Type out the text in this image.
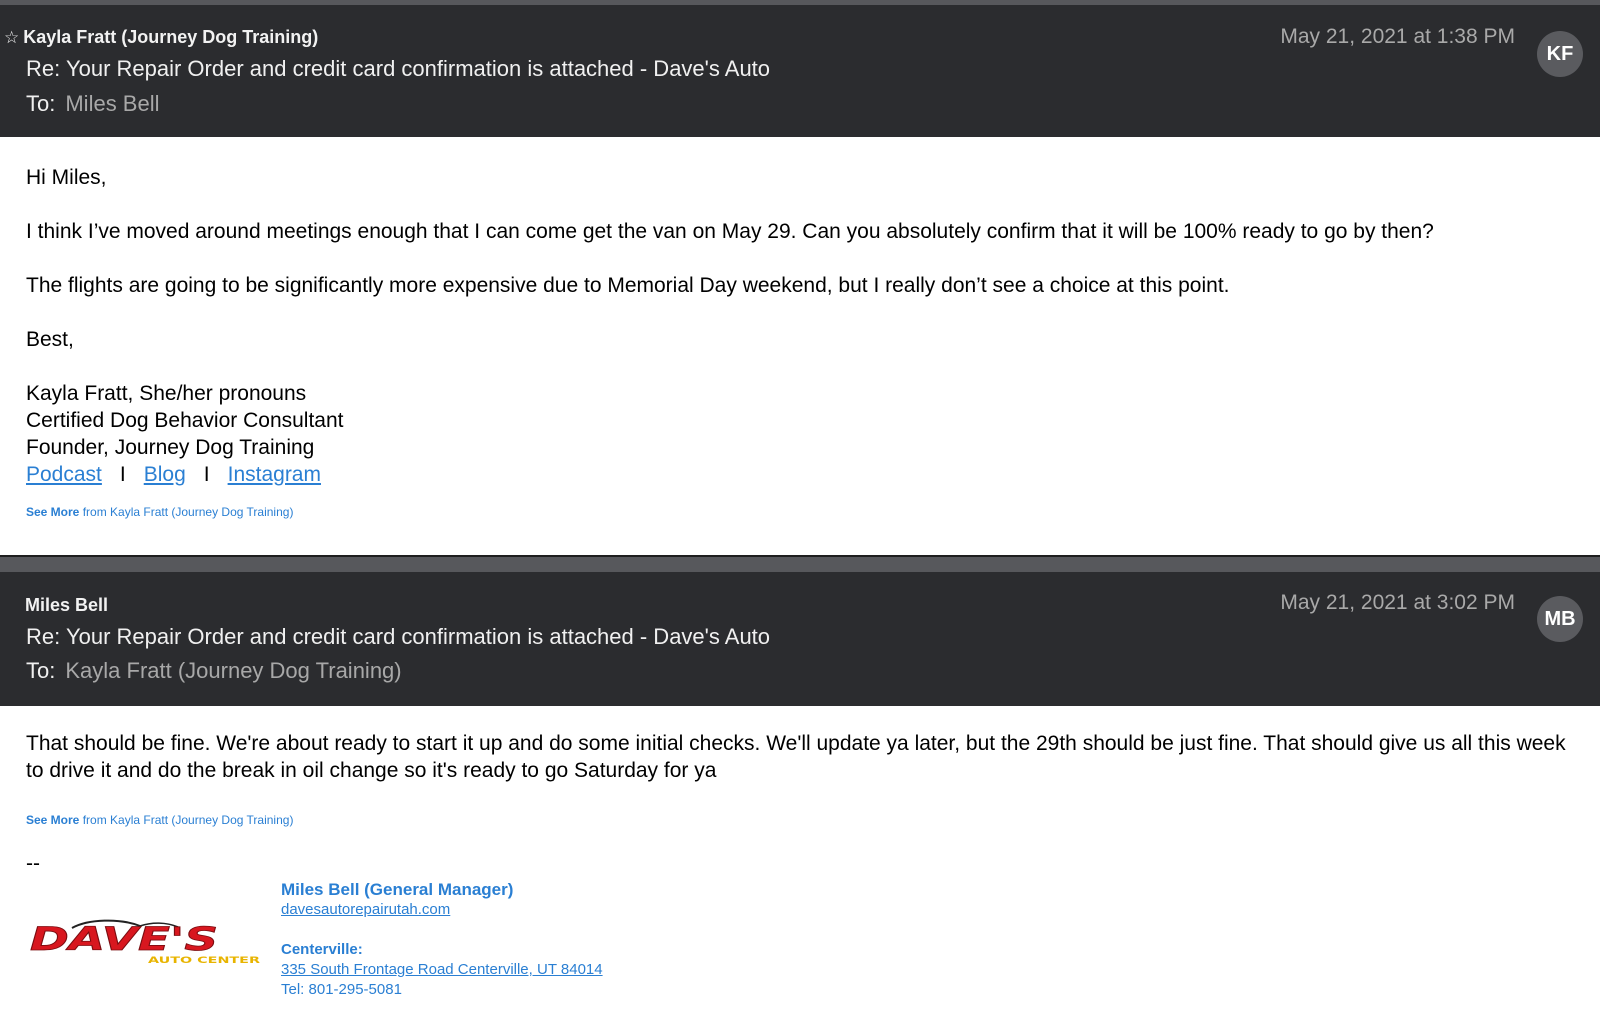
☆ Kayla Fratt (Journey Dog Training)
Re: Your Repair Order and credit card confirmation is attached - Dave's Auto
To: Miles Bell
May 21, 2021 at 1:38 PM
KF

Hi Miles,

I think I’ve moved around meetings enough that I can come get the van on May 29. Can you absolutely confirm that it will be 100% ready to go by then?

The flights are going to be significantly more expensive due to Memorial Day weekend, but I really don’t see a choice at this point.

Best,

Kayla Fratt, She/her pronouns
Certified Dog Behavior Consultant
Founder, Journey Dog Training
Podcast I Blog I Instagram
See More from Kayla Fratt (Journey Dog Training)
Miles Bell
Re: Your Repair Order and credit card confirmation is attached - Dave's Auto
To: Kayla Fratt (Journey Dog Training)
May 21, 2021 at 3:02 PM
MB
That should be fine. We're about ready to start it up and do some initial checks. We'll update ya later, but the 29th should be just fine. That should give us all this week to drive it and do the break in oil change so it's ready to go Saturday for ya
See More from Kayla Fratt (Journey Dog Training)
--
DAVE'S
AUTO CENTER
Miles Bell (General Manager)
davesautorepairutah.com
Centerville:
335 South Frontage Road Centerville, UT 84014
Tel: 801-295-5081
